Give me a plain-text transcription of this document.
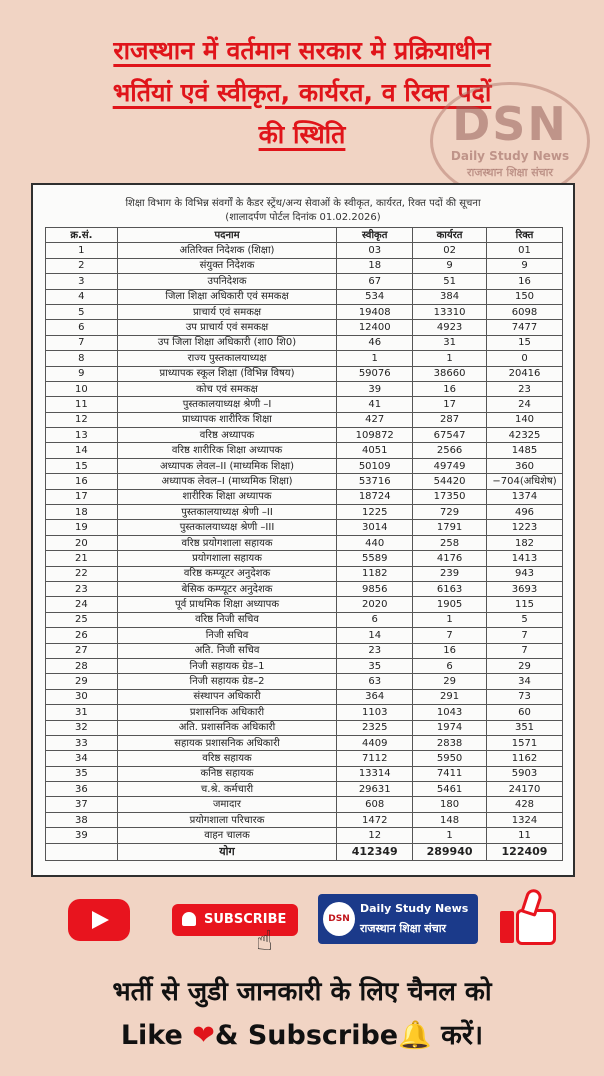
राजस्थान में वर्तमान सरकार मे प्रक्रियाधीन
भर्तियां एवं स्वीकृत, कार्यरत, व रिक्त पदों
की स्थिति	DSN
Daily Study News
राजस्थान शिक्षा संचार
शिक्षा विभाग के विभिन्न संवर्गों के कैडर स्ट्रेंथ/अन्य सेवाओं के स्वीकृत, कार्यरत, रिक्त पदों की सूचना
(शालादर्पण पोर्टल दिनांक 01.02.2026)
क्र.सं.	पदनाम	स्वीकृत	कार्यरत	रिक्त
1	अतिरिक्त निदेशक (शिक्षा)	03	02	01
2	संयुक्त निदेशक	18	9	9
3	उपनिदेशक	67	51	16
4	जिला शिक्षा अधिकारी एवं समकक्ष	534	384	150
5	प्राचार्य एवं समकक्ष	19408	13310	6098
6	उप प्राचार्य एवं समकक्ष	12400	4923	7477
7	उप जिला शिक्षा अधिकारी (शा0 शि0)	46	31	15
8	राज्य पुस्तकालयाध्यक्ष	1	1	0
9	प्राध्यापक स्कूल शिक्षा (विभिन्न विषय)	59076	38660	20416
10	कोच एवं समकक्ष	39	16	23
11	पुस्तकालयाध्यक्ष श्रेणी –I	41	17	24
12	प्राध्यापक शारीरिक शिक्षा	427	287	140
13	वरिष्ठ अध्यापक	109872	67547	42325
14	वरिष्ठ शारीरिक शिक्षा अध्यापक	4051	2566	1485
15	अध्यापक लेवल–II (माध्यमिक शिक्षा)	50109	49749	360
16	अध्यापक लेवल–I (माध्यमिक शिक्षा)	53716	54420	−704(अधिशेष)
17	शारीरिक शिक्षा अध्यापक	18724	17350	1374
18	पुस्तकालयाध्यक्ष श्रेणी –II	1225	729	496
19	पुस्तकालयाध्यक्ष श्रेणी –III	3014	1791	1223
20	वरिष्ठ प्रयोगशाला सहायक	440	258	182
21	प्रयोगशाला सहायक	5589	4176	1413
22	वरिष्ठ कम्प्यूटर अनुदेशक	1182	239	943
23	बेसिक कम्प्यूटर अनुदेशक	9856	6163	3693
24	पूर्व प्राथमिक शिक्षा अध्यापक	2020	1905	115
25	वरिष्ठ निजी सचिव	6	1	5
26	निजी सचिव	14	7	7
27	अति. निजी सचिव	23	16	7
28	निजी सहायक ग्रेड–1	35	6	29
29	निजी सहायक ग्रेड–2	63	29	34
30	संस्थापन अधिकारी	364	291	73
31	प्रशासनिक अधिकारी	1103	1043	60
32	अति. प्रशासनिक अधिकारी	2325	1974	351
33	सहायक प्रशासनिक अधिकारी	4409	2838	1571
34	वरिष्ठ सहायक	7112	5950	1162
35	कनिष्ठ सहायक	13314	7411	5903
36	च.श्रे. कर्मचारी	29631	5461	24170
37	जमादार	608	180	428
38	प्रयोगशाला परिचारक	1472	148	1324
39	वाहन चालक	12	1	11
	योग	412349	289940	122409
SUBSCRIBE
☝
DSN
Daily Study News
राजस्थान शिक्षा संचार
भर्ती से जुडी जानकारी के लिए चैनल को
Like ❤& Subscribe🔔 करें।
